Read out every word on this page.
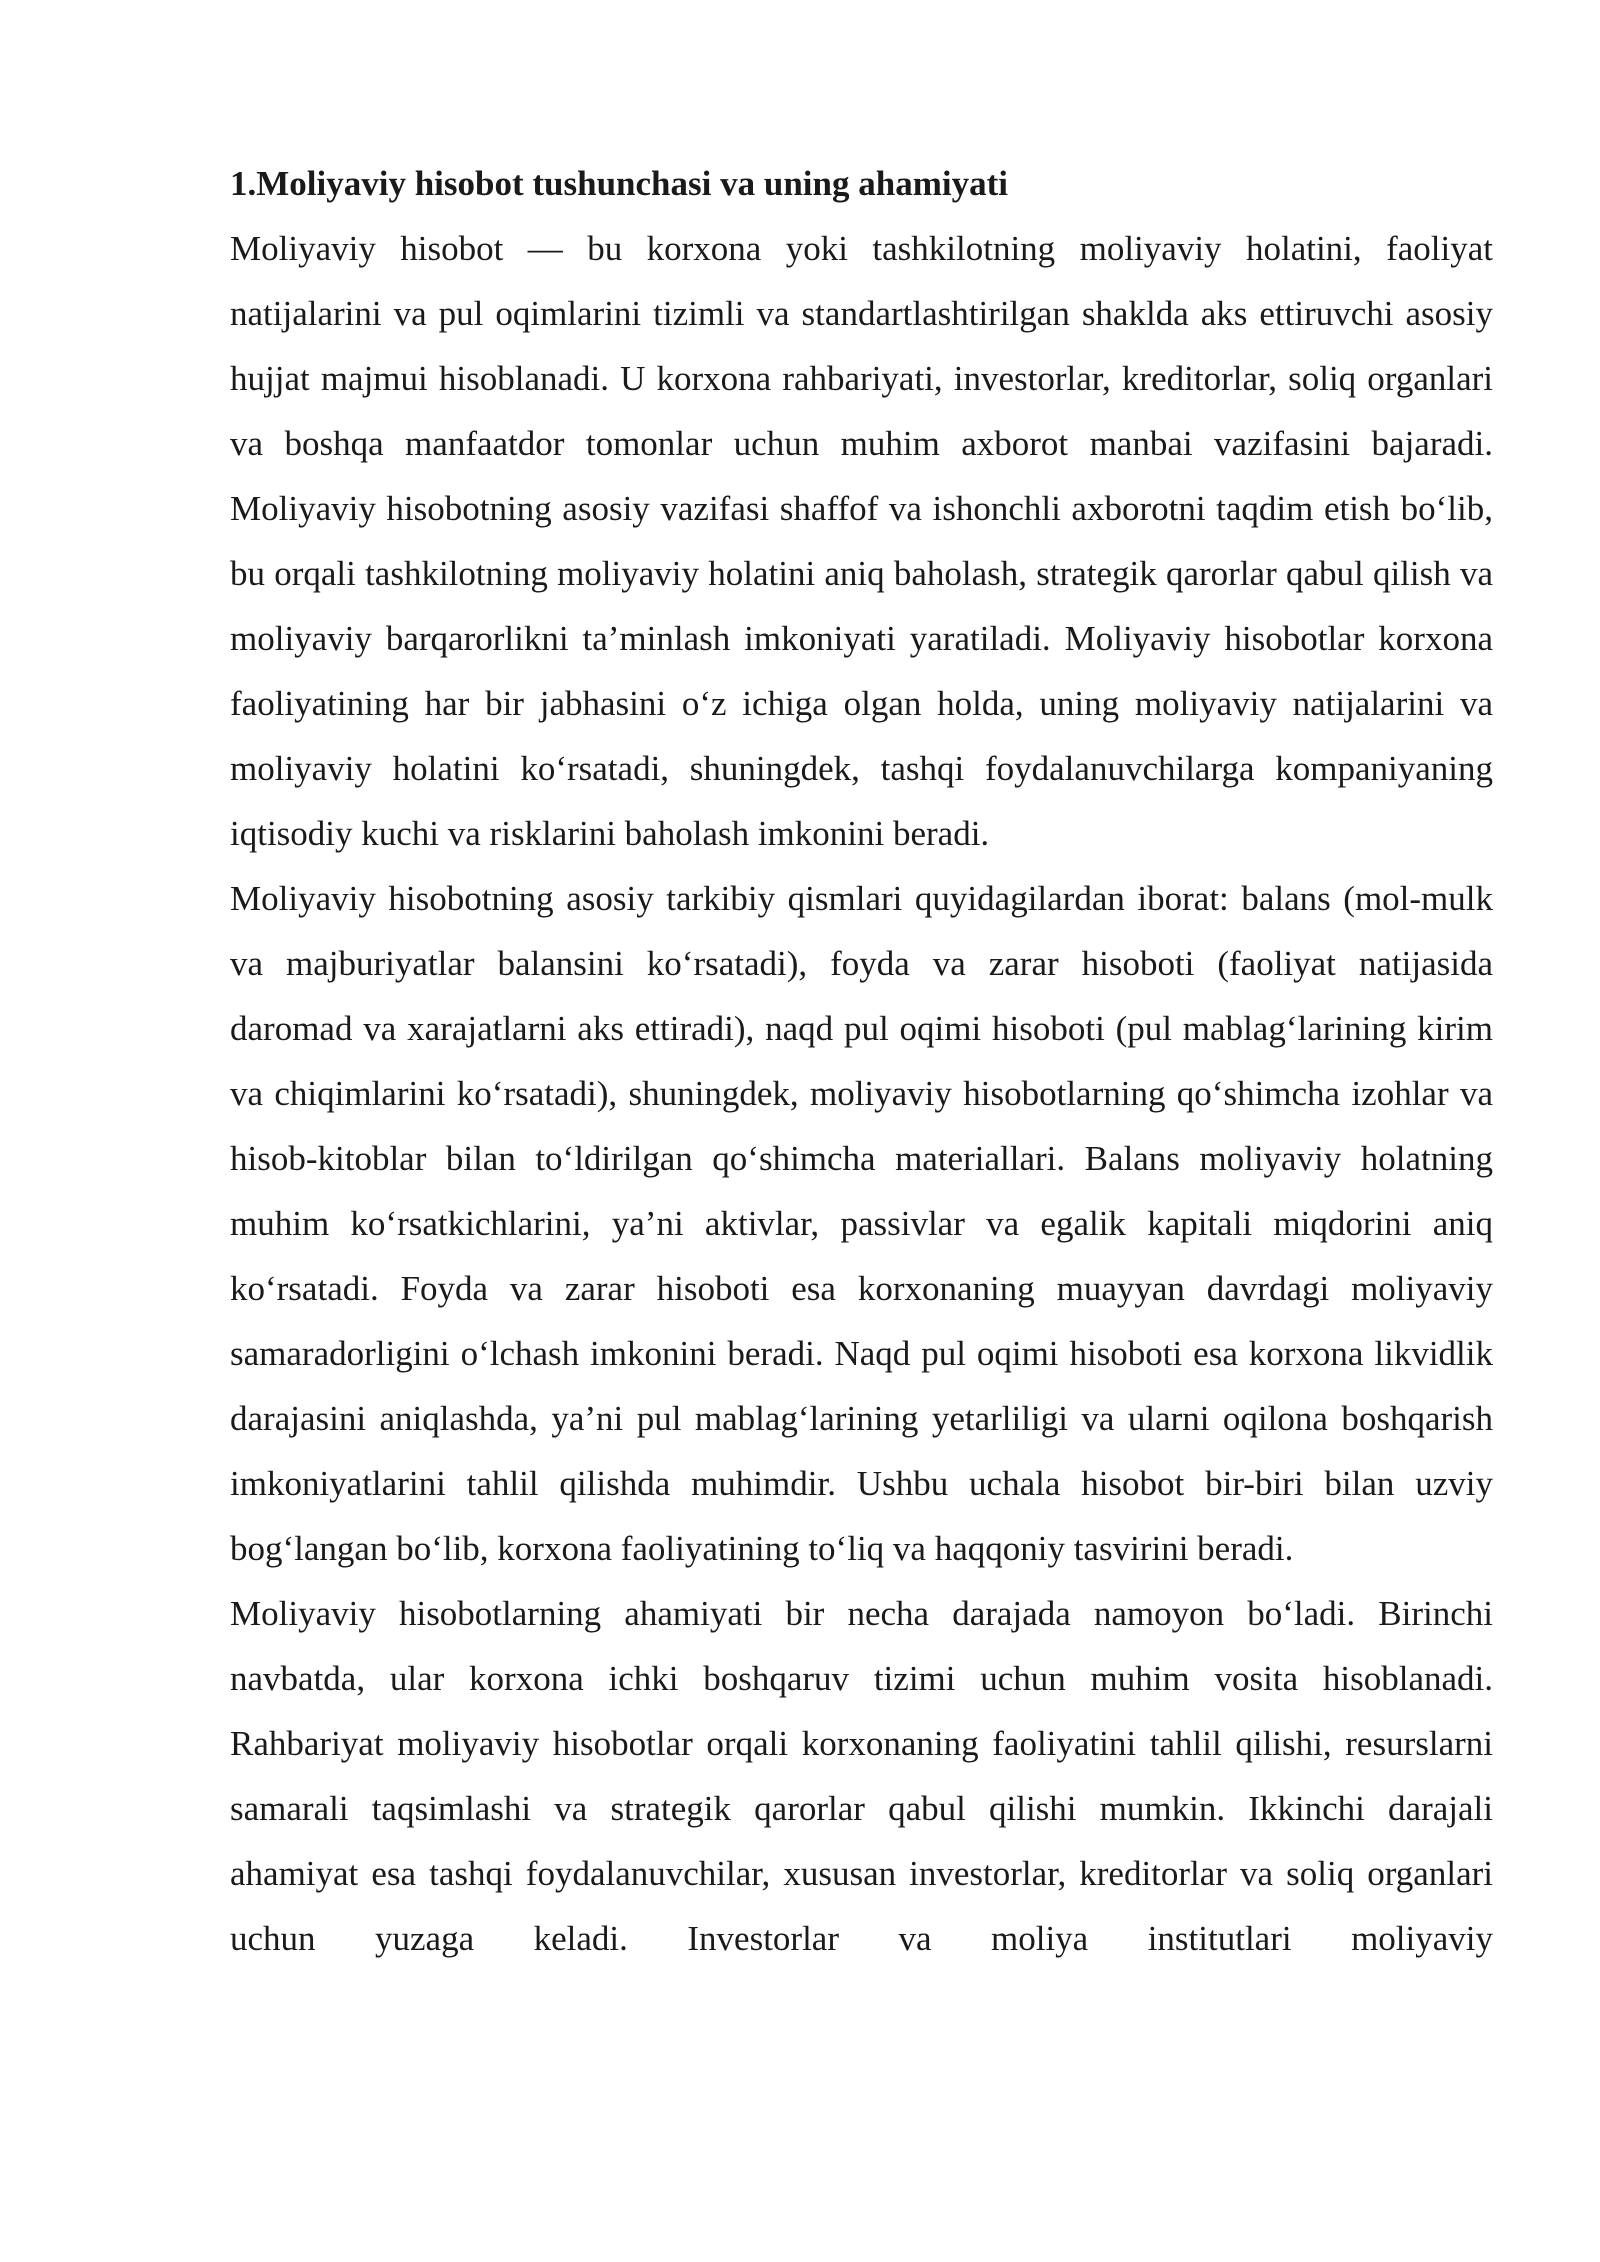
1.Moliyaviy hisobot tushunchasi va uning ahamiyati

Moliyaviy hisobot — bu korxona yoki tashkilotning moliyaviy holatini, faoliyat natijalarini va pul oqimlarini tizimli va standartlashtirilgan shaklda aks ettiruvchi asosiy hujjat majmui hisoblanadi. U korxona rahbariyati, investorlar, kreditorlar, soliq organlari va boshqa manfaatdor tomonlar uchun muhim axborot manbai vazifasini bajaradi. Moliyaviy hisobotning asosiy vazifasi shaffof va ishonchli axborotni taqdim etish bo‘lib, bu orqali tashkilotning moliyaviy holatini aniq baholash, strategik qarorlar qabul qilish va moliyaviy barqarorlikni ta’minlash imkoniyati yaratiladi. Moliyaviy hisobotlar korxona faoliyatining har bir jabhasini o‘z ichiga olgan holda, uning moliyaviy natijalarini va moliyaviy holatini ko‘rsatadi, shuningdek, tashqi foydalanuvchilarga kompaniyaning iqtisodiy kuchi va risklarini baholash imkonini beradi.

Moliyaviy hisobotning asosiy tarkibiy qismlari quyidagilardan iborat: balans (mol-mulk va majburiyatlar balansini ko‘rsatadi), foyda va zarar hisoboti (faoliyat natijasida daromad va xarajatlarni aks ettiradi), naqd pul oqimi hisoboti (pul mablag‘larining kirim va chiqimlarini ko‘rsatadi), shuningdek, moliyaviy hisobotlarning qo‘shimcha izohlar va hisob-kitoblar bilan to‘ldirilgan qo‘shimcha materiallari. Balans moliyaviy holatning muhim ko‘rsatkichlarini, ya’ni aktivlar, passivlar va egalik kapitali miqdorini aniq ko‘rsatadi. Foyda va zarar hisoboti esa korxonaning muayyan davrdagi moliyaviy samaradorligini o‘lchash imkonini beradi. Naqd pul oqimi hisoboti esa korxona likvidlik darajasini aniqlashda, ya’ni pul mablag‘larining yetarliligi va ularni oqilona boshqarish imkoniyatlarini tahlil qilishda muhimdir. Ushbu uchala hisobot bir-biri bilan uzviy bog‘langan bo‘lib, korxona faoliyatining to‘liq va haqqoniy tasvirini beradi.

Moliyaviy hisobotlarning ahamiyati bir necha darajada namoyon bo‘ladi. Birinchi navbatda, ular korxona ichki boshqaruv tizimi uchun muhim vosita hisoblanadi. Rahbariyat moliyaviy hisobotlar orqali korxonaning faoliyatini tahlil qilishi, resurslarni samarali taqsimlashi va strategik qarorlar qabul qilishi mumkin. Ikkinchi darajali ahamiyat esa tashqi foydalanuvchilar, xususan investorlar, kreditorlar va soliq organlari uchun yuzaga keladi. Investorlar va moliya institutlari moliyaviy
